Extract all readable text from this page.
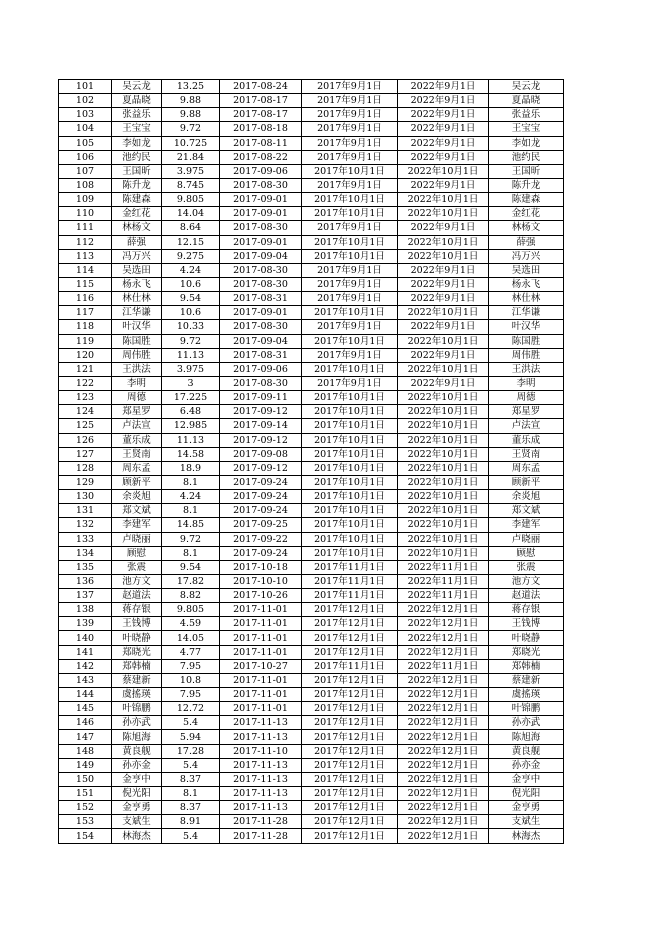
101	吴云龙	13.25	2017-08-24	2017年9月1日	2022年9月1日	吴云龙
102	夏晶晓	9.88	2017-08-17	2017年9月1日	2022年9月1日	夏晶晓
103	张益乐	9.88	2017-08-17	2017年9月1日	2022年9月1日	张益乐
104	王宝宝	9.72	2017-08-18	2017年9月1日	2022年9月1日	王宝宝
105	李如龙	10.725	2017-08-11	2017年9月1日	2022年9月1日	李如龙
106	池约民	21.84	2017-08-22	2017年9月1日	2022年9月1日	池约民
107	王国昕	3.975	2017-09-06	2017年10月1日	2022年10月1日	王国昕
108	陈升龙	8.745	2017-08-30	2017年9月1日	2022年9月1日	陈升龙
109	陈建森	9.805	2017-09-01	2017年10月1日	2022年10月1日	陈建森
110	金红花	14.04	2017-09-01	2017年10月1日	2022年10月1日	金红花
111	林杨文	8.64	2017-08-30	2017年9月1日	2022年9月1日	林杨文
112	薛强	12.15	2017-09-01	2017年10月1日	2022年10月1日	薛强
113	冯万兴	9.275	2017-09-04	2017年10月1日	2022年10月1日	冯万兴
114	吴选田	4.24	2017-08-30	2017年9月1日	2022年9月1日	吴选田
115	杨永飞	10.6	2017-08-30	2017年9月1日	2022年9月1日	杨永飞
116	林仕林	9.54	2017-08-31	2017年9月1日	2022年9月1日	林仕林
117	江华谦	10.6	2017-09-01	2017年10月1日	2022年10月1日	江华谦
118	叶汉华	10.33	2017-08-30	2017年9月1日	2022年9月1日	叶汉华
119	陈国胜	9.72	2017-09-04	2017年10月1日	2022年10月1日	陈国胜
120	周伟胜	11.13	2017-08-31	2017年9月1日	2022年9月1日	周伟胜
121	王洪法	3.975	2017-09-06	2017年10月1日	2022年10月1日	王洪法
122	李明	3	2017-08-30	2017年9月1日	2022年9月1日	李明
123	周德	17.225	2017-09-11	2017年10月1日	2022年10月1日	周德
124	郑星罗	6.48	2017-09-12	2017年10月1日	2022年10月1日	郑星罗
125	卢法宣	12.985	2017-09-14	2017年10月1日	2022年10月1日	卢法宣
126	董乐成	11.13	2017-09-12	2017年10月1日	2022年10月1日	董乐成
127	王贤南	14.58	2017-09-08	2017年10月1日	2022年10月1日	王贤南
128	周东孟	18.9	2017-09-12	2017年10月1日	2022年10月1日	周东孟
129	顾新平	8.1	2017-09-24	2017年10月1日	2022年10月1日	顾新平
130	余炎旭	4.24	2017-09-24	2017年10月1日	2022年10月1日	余炎旭
131	郑文斌	8.1	2017-09-24	2017年10月1日	2022年10月1日	郑文斌
132	李建军	14.85	2017-09-25	2017年10月1日	2022年10月1日	李建军
133	卢晓丽	9.72	2017-09-22	2017年10月1日	2022年10月1日	卢晓丽
134	顾慰	8.1	2017-09-24	2017年10月1日	2022年10月1日	顾慰
135	张震	9.54	2017-10-18	2017年11月1日	2022年11月1日	张震
136	池方文	17.82	2017-10-10	2017年11月1日	2022年11月1日	池方文
137	赵道法	8.82	2017-10-26	2017年11月1日	2022年11月1日	赵道法
138	蒋存银	9.805	2017-11-01	2017年12月1日	2022年12月1日	蒋存银
139	王钱博	4.59	2017-11-01	2017年12月1日	2022年12月1日	王钱博
140	叶晓静	14.05	2017-11-01	2017年12月1日	2022年12月1日	叶晓静
141	郑晓光	4.77	2017-11-01	2017年12月1日	2022年12月1日	郑晓光
142	郑韩楠	7.95	2017-10-27	2017年11月1日	2022年11月1日	郑韩楠
143	蔡建新	10.8	2017-11-01	2017年12月1日	2022年12月1日	蔡建新
144	虞搖瑛	7.95	2017-11-01	2017年12月1日	2022年12月1日	虞搖瑛
145	叶锦鹏	12.72	2017-11-01	2017年12月1日	2022年12月1日	叶锦鹏
146	孙亦武	5.4	2017-11-13	2017年12月1日	2022年12月1日	孙亦武
147	陈旭海	5.94	2017-11-13	2017年12月1日	2022年12月1日	陈旭海
148	黄良舰	17.28	2017-11-10	2017年12月1日	2022年12月1日	黄良舰
149	孙亦金	5.4	2017-11-13	2017年12月1日	2022年12月1日	孙亦金
150	金亨中	8.37	2017-11-13	2017年12月1日	2022年12月1日	金亨中
151	倪光阳	8.1	2017-11-13	2017年12月1日	2022年12月1日	倪光阳
152	金亨勇	8.37	2017-11-13	2017年12月1日	2022年12月1日	金亨勇
153	支斌生	8.91	2017-11-28	2017年12月1日	2022年12月1日	支斌生
154	林海杰	5.4	2017-11-28	2017年12月1日	2022年12月1日	林海杰
